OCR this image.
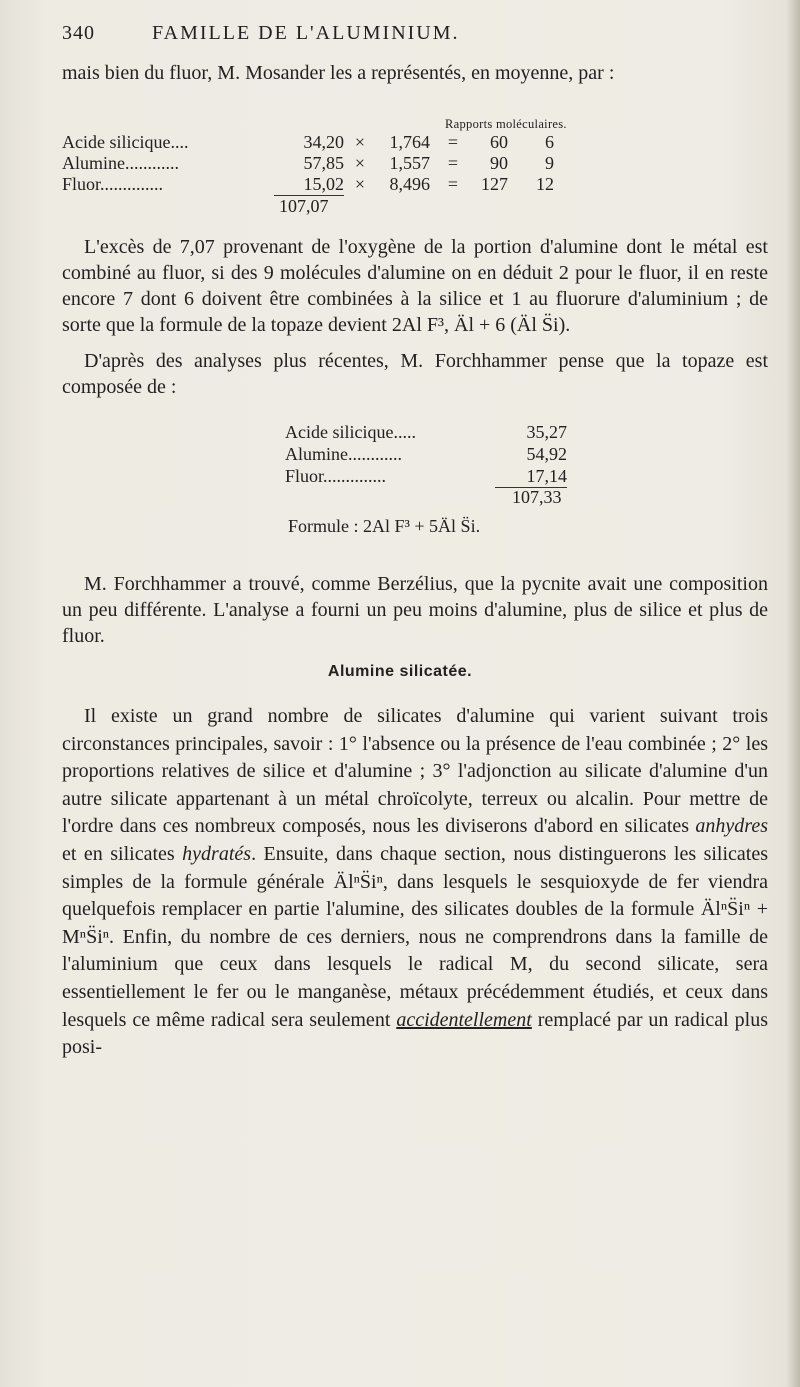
340	FAMILLE DE L'ALUMINIUM.
mais bien du fluor, M. Mosander les a représentés, en moyenne, par :
Rapports moléculaires.
Acide silicique....	34,20	×	1,764	=	60	6
Alumine............	57,85	×	1,557	=	90	9
Fluor..............	15,02	×	8,496	=	127	12
107,07
L'excès de 7,07 provenant de l'oxygène de la portion d'alumine dont le métal est combiné au fluor, si des 9 molécules d'alumine on en déduit 2 pour le fluor, il en reste encore 7 dont 6 doivent être combinées à la silice et 1 au fluorure d'aluminium ; de sorte que la formule de la topaze devient 2Al F³, Äl + 6 (Äl S̈i).
D'après des analyses plus récentes, M. Forchhammer pense que la topaze est composée de :
Acide silicique.....	35,27
Alumine............	54,92
Fluor..............	17,14
107,33
Formule : 2Al F³ + 5Äl S̈i.
M. Forchhammer a trouvé, comme Berzélius, que la pycnite avait une composition un peu différente. L'analyse a fourni un peu moins d'alumine, plus de silice et plus de fluor.
Alumine silicatée.
Il existe un grand nombre de silicates d'alumine qui varient suivant trois circonstances principales, savoir : 1° l'absence ou la présence de l'eau combinée ; 2° les proportions relatives de silice et d'alumine ; 3° l'adjonction au silicate d'alumine d'un autre silicate appartenant à un métal chroïcolyte, terreux ou alcalin. Pour mettre de l'ordre dans ces nombreux composés, nous les diviserons d'abord en silicates anhydres et en silicates hydratés. Ensuite, dans chaque section, nous distinguerons les silicates simples de la formule générale ÄlⁿS̈iⁿ, dans lesquels le sesquioxyde de fer viendra quelquefois remplacer en partie l'alumine, des silicates doubles de la formule ÄlⁿS̈iⁿ + MⁿS̈iⁿ. Enfin, du nombre de ces derniers, nous ne comprendrons dans la famille de l'aluminium que ceux dans lesquels le radical M, du second silicate, sera essentiellement le fer ou le manganèse, métaux précédemment étudiés, et ceux dans lesquels ce même radical sera seulement accidentellement remplacé par un radical plus posi-
